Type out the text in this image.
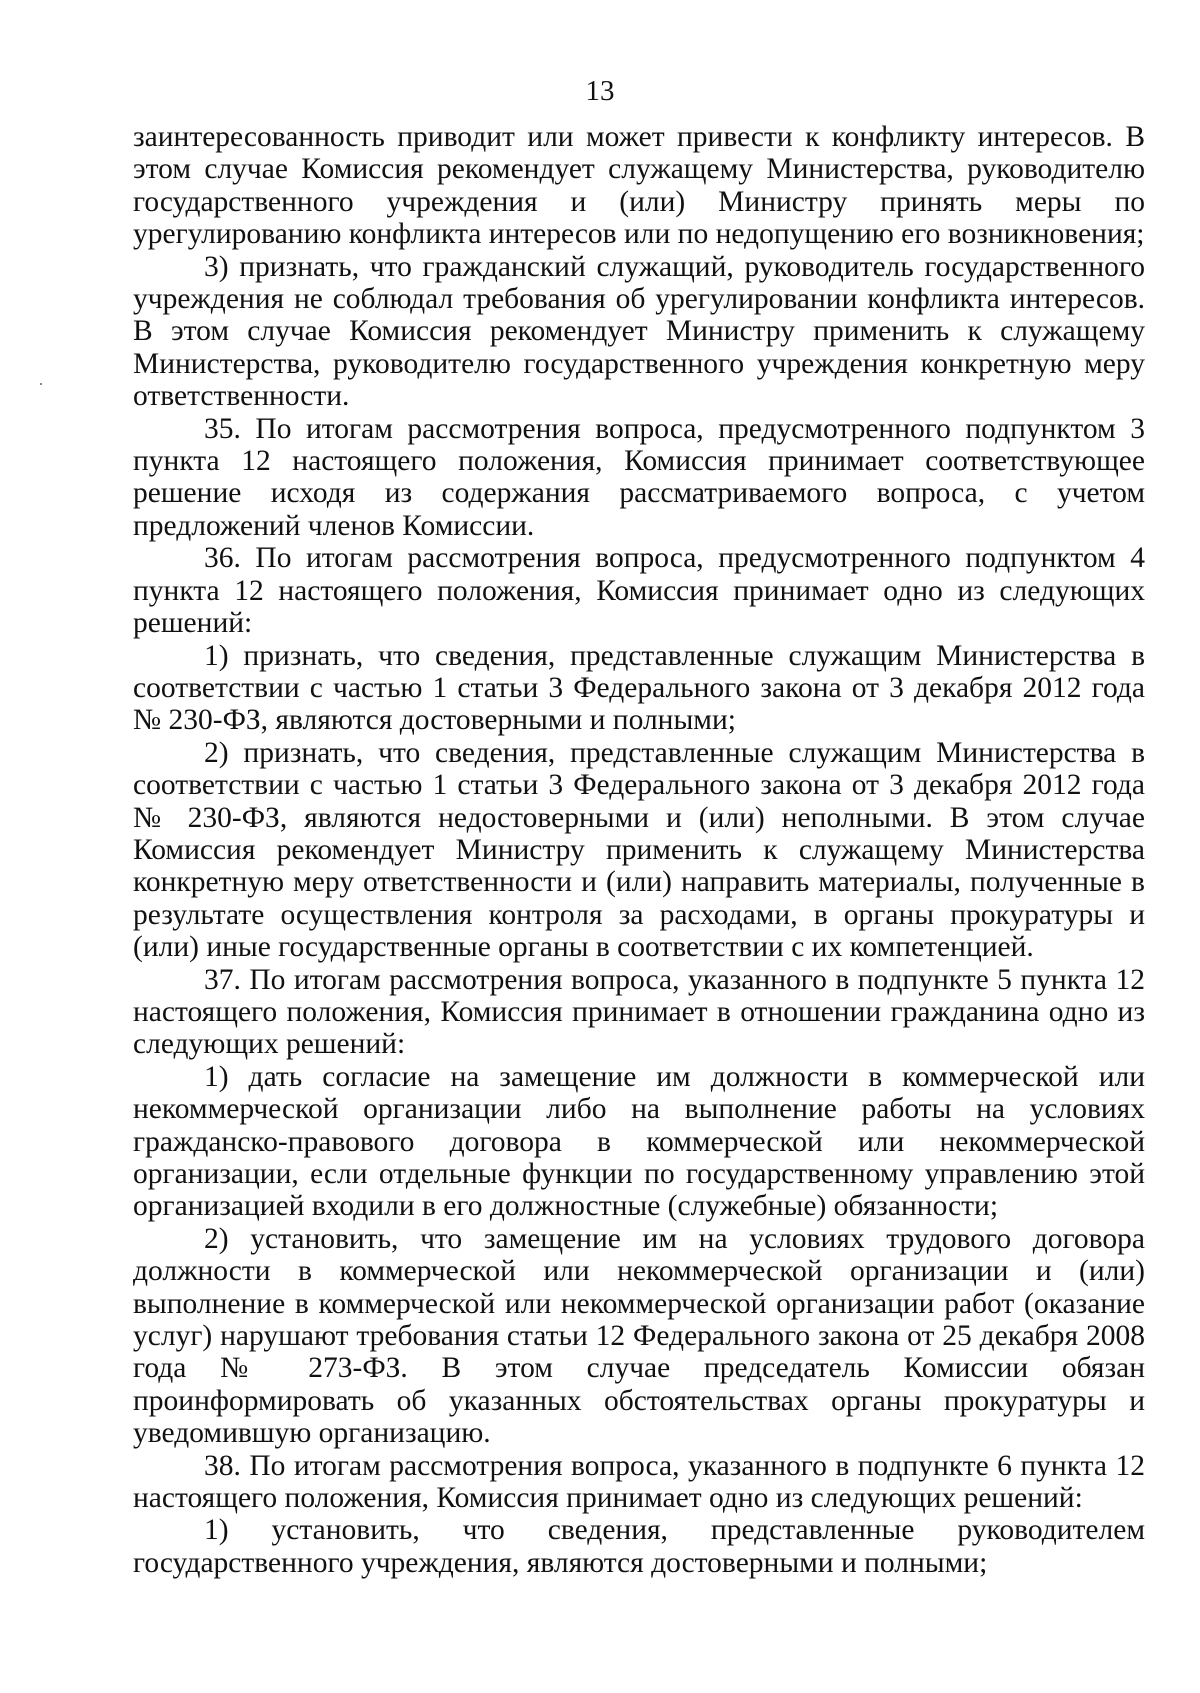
13

заинтересованность приводит или может привести к конфликту интересов. В этом случае Комиссия рекомендует служащему Министерства, руководителю государственного учреждения и (или) Министру принять меры по урегулированию конфликта интересов или по недопущению его возникновения;

3) признать, что гражданский служащий, руководитель государственного учреждения не соблюдал требования об урегулировании конфликта интересов. В этом случае Комиссия рекомендует Министру применить к служащему Министерства, руководителю государственного учреждения конкретную меру ответственности.

35. По итогам рассмотрения вопроса, предусмотренного подпунктом 3 пункта 12 настоящего положения, Комиссия принимает соответствующее решение исходя из содержания рассматриваемого вопроса, с учетом предложений членов Комиссии.

36. По итогам рассмотрения вопроса, предусмотренного подпунктом 4 пункта 12 настоящего положения, Комиссия принимает одно из следующих решений:

1) признать, что сведения, представленные служащим Министерства в соответствии с частью 1 статьи 3 Федерального закона от 3 декабря 2012 года № 230-ФЗ, являются достоверными и полными;

2) признать, что сведения, представленные служащим Министерства в соответствии с частью 1 статьи 3 Федерального закона от 3 декабря 2012 года № 230-ФЗ, являются недостоверными и (или) неполными. В этом случае Комиссия рекомендует Министру применить к служащему Министерства конкретную меру ответственности и (или) направить материалы, полученные в результате осуществления контроля за расходами, в органы прокуратуры и (или) иные государственные органы в соответствии с их компетенцией.

37. По итогам рассмотрения вопроса, указанного в подпункте 5 пункта 12 настоящего положения, Комиссия принимает в отношении гражданина одно из следующих решений:

1) дать согласие на замещение им должности в коммерческой или некоммерческой организации либо на выполнение работы на условиях гражданско-правового договора в коммерческой или некоммерческой организации, если отдельные функции по государственному управлению этой организацией входили в его должностные (служебные) обязанности;

2) установить, что замещение им на условиях трудового договора должности в коммерческой или некоммерческой организации и (или) выполнение в коммерческой или некоммерческой организации работ (оказание услуг) нарушают требования статьи 12 Федерального закона от 25 декабря 2008 года № 273-ФЗ. В этом случае председатель Комиссии обязан проинформировать об указанных обстоятельствах органы прокуратуры и уведомившую организацию.

38. По итогам рассмотрения вопроса, указанного в подпункте 6 пункта 12 настоящего положения, Комиссия принимает одно из следующих решений:

1) установить, что сведения, представленные руководителем государственного учреждения, являются достоверными и полными;
